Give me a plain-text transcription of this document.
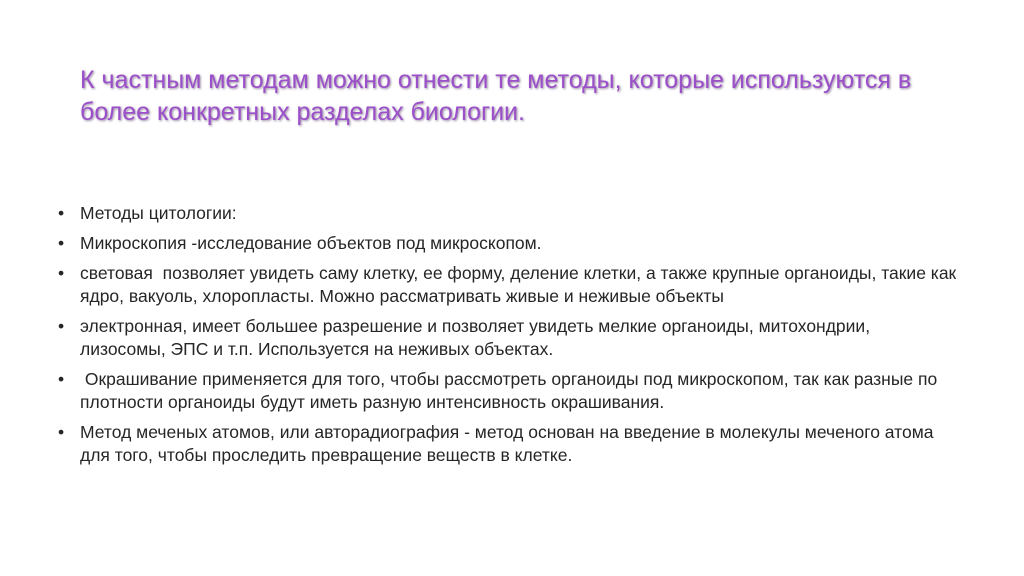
К частным методам можно отнести те методы, которые используются в более конкретных разделах биологии.
• Методы цитологии:
• Микроскопия -исследование объектов под микроскопом.
• световая  позволяет увидеть саму клетку, ее форму, деление клетки, а также крупные органоиды, такие как ядро, вакуоль, хлоропласты. Можно рассматривать живые и неживые объекты
• электронная, имеет большее разрешение и позволяет увидеть мелкие органоиды, митохондрии, лизосомы, ЭПС и т.п. Используется на неживых объектах.
• Окрашивание применяется для того, чтобы рассмотреть органоиды под микроскопом, так как разные по плотности органоиды будут иметь разную интенсивность окрашивания.
• Метод меченых атомов, или авторадиография - метод основан на введение в молекулы меченого атома для того, чтобы проследить превращение веществ в клетке.
